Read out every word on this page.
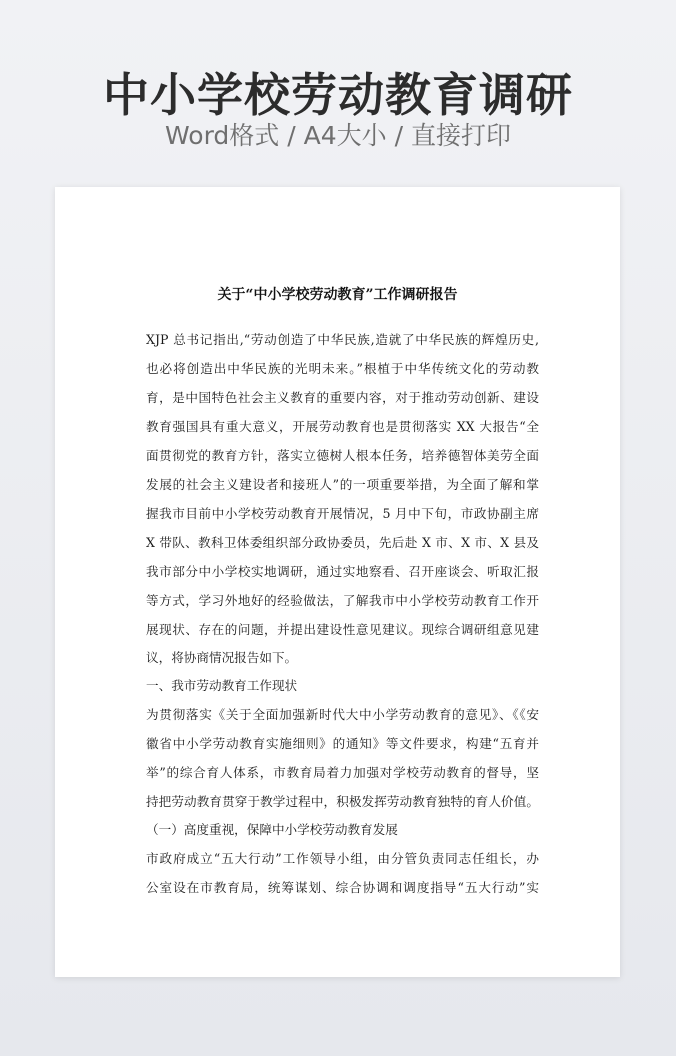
中小学校劳动教育调研
Word格式 / A4大小 / 直接打印
关于“中小学校劳动教育”工作调研报告
XJP 总书记指出,“劳动创造了中华民族,造就了中华民族的辉煌历史,
也必将创造出中华民族的光明未来。”根植于中华传统文化的劳动教
育，是中国特色社会主义教育的重要内容，对于推动劳动创新、建设
教育强国具有重大意义，开展劳动教育也是贯彻落实 XX 大报告“全
面贯彻党的教育方针，落实立德树人根本任务，培养德智体美劳全面
发展的社会主义建设者和接班人”的一项重要举措，为全面了解和掌
握我市目前中小学校劳动教育开展情况，5 月中下旬，市政协副主席
X 带队、教科卫体委组织部分政协委员，先后赴 X 市、X 市、X 县及
我市部分中小学校实地调研，通过实地察看、召开座谈会、听取汇报
等方式，学习外地好的经验做法，了解我市中小学校劳动教育工作开
展现状、存在的问题，并提出建设性意见建议。现综合调研组意见建
议，将协商情况报告如下。
一、我市劳动教育工作现状
为贯彻落实《关于全面加强新时代大中小学劳动教育的意见》、《《安
徽省中小学劳动教育实施细则》的通知》等文件要求，构建“五育并
举”的综合育人体系，市教育局着力加强对学校劳动教育的督导，坚
持把劳动教育贯穿于教学过程中，积极发挥劳动教育独特的育人价值。
（一）高度重视，保障中小学校劳动教育发展
市政府成立“五大行动”工作领导小组，由分管负责同志任组长，办
公室设在市教育局，统筹谋划、综合协调和调度指导“五大行动”实
